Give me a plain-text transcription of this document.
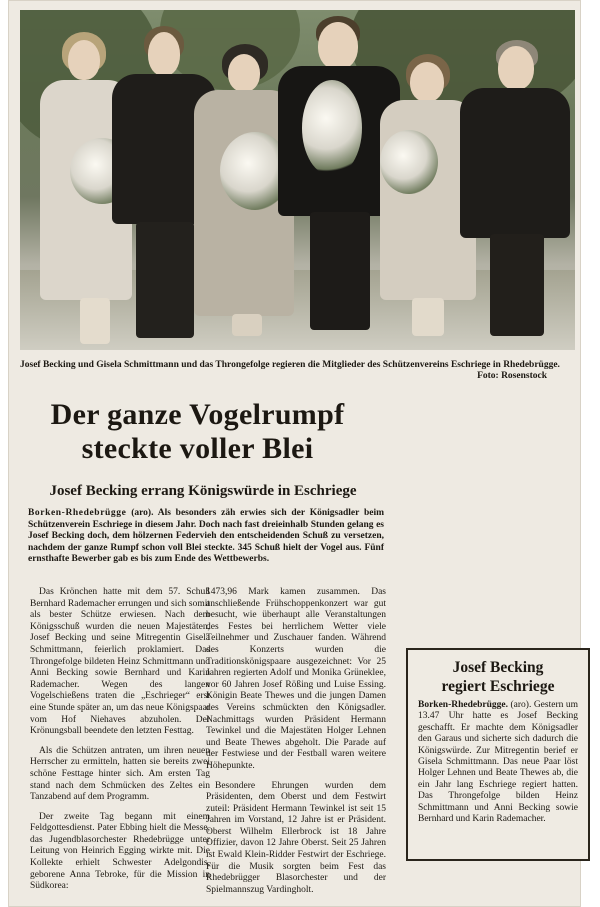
Josef Becking und Gisela Schmittmann und das Throngefolge regieren die Mitglieder des Schützenvereins Eschriege in Rhedebrügge.
Foto: Rosenstock
Der ganze Vogelrumpf
steckte voller Blei
Josef Becking errang Königswürde in Eschriege
Borken-Rhedebrügge (aro). Als besonders zäh erwies sich der Königsadler beim Schützenverein Eschriege in diesem Jahr. Doch nach fast dreieinhalb Stunden gelang es Josef Becking doch, dem hölzernen Federvieh den entscheidenden Schuß zu versetzen, nachdem der ganze Rumpf schon voll Blei steckte. 345 Schuß hielt der Vogel aus. Fünf ernsthafte Bewerber gab es bis zum Ende des Wettbewerbs.

Das Krönchen hatte mit dem 57. Schuß Bernhard Rademacher errungen und sich somit als bester Schütze erwiesen. Nach dem Königsschuß wurden die neuen Majestäten, Josef Becking und seine Mitregentin Gisela Schmittmann, feierlich proklamiert. Das Throngefolge bildeten Heinz Schmittmann und Anni Becking sowie Bernhard und Karin Rademacher. Wegen des langen Vogelschießens traten die „Eschrieger“ erst eine Stunde später an, um das neue Königspaar vom Hof Niehaves abzuholen. Der Krönungsball beendete den letzten Festtag.

Als die Schützen antraten, um ihren neuen Herrscher zu ermitteln, hatten sie bereits zwei schöne Festtage hinter sich. Am ersten Tag stand nach dem Schmücken des Zeltes ein Tanzabend auf dem Programm.

Der zweite Tag begann mit einem Feldgottesdienst. Pater Ebbing hielt die Messe, das Jugendblasorchester Rhedebrügge unter Leitung von Heinrich Egging wirkte mit. Die Kollekte erhielt Schwester Adelgondis, geborene Anna Tebroke, für die Mission in Südkorea:

1473,96 Mark kamen zusammen. Das anschließende Frühschoppenkonzert war gut besucht, wie überhaupt alle Veranstaltungen des Festes bei herrlichem Wetter viele Teilnehmer und Zuschauer fanden. Während des Konzerts wurden die Traditionskönigspaare ausgezeichnet: Vor 25 Jahren regierten Adolf und Monika Grüneklee, vor 60 Jahren Josef Rößing und Luise Essing. Königin Beate Thewes und die jungen Damen des Vereins schmückten den Königsadler. Nachmittags wurden Präsident Hermann Tewinkel und die Majestäten Holger Lehnen und Beate Thewes abgeholt. Die Parade auf der Festwiese und der Festball waren weitere Höhepunkte.

Besondere Ehrungen wurden dem Präsidenten, dem Oberst und dem Festwirt zuteil: Präsident Hermann Tewinkel ist seit 15 Jahren im Vorstand, 12 Jahre ist er Präsident. Oberst Wilhelm Ellerbrock ist 18 Jahre Offizier, davon 12 Jahre Oberst. Seit 25 Jahren ist Ewald Klein-Ridder Festwirt der Eschriege. Für die Musik sorgten beim Fest das Rhedebrügger Blasorchester und der Spielmannszug Vardingholt.

Josef Becking
regiert Eschriege
Borken-Rhedebrügge. (aro). Gestern um 13.47 Uhr hatte es Josef Becking geschafft. Er machte dem Königsadler den Garaus und sicherte sich dadurch die Königswürde. Zur Mitregentin berief er Gisela Schmittmann. Das neue Paar löst Holger Lehnen und Beate Thewes ab, die ein Jahr lang Eschriege regiert hatten. Das Throngefolge bilden Heinz Schmittmann und Anni Becking sowie Bernhard und Karin Rademacher.
